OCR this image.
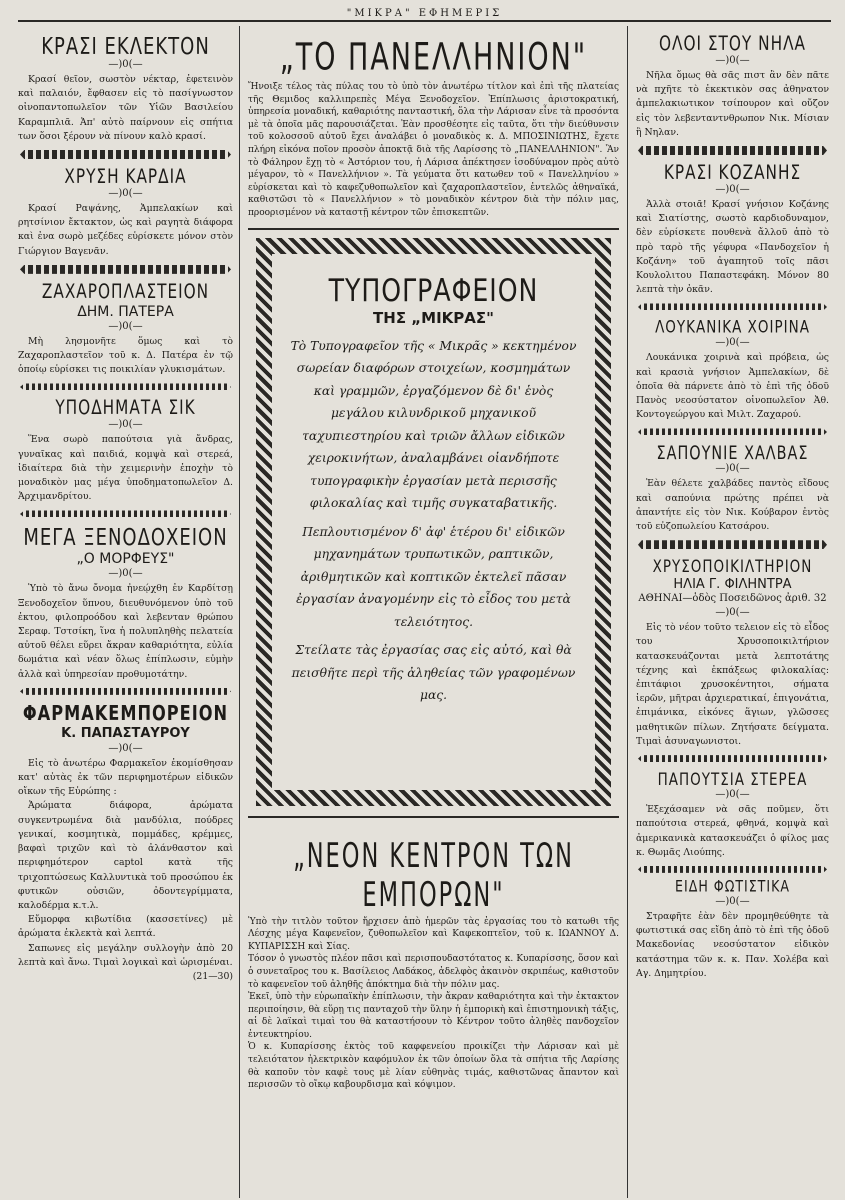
"ΜΙΚΡΑ" ΕΦΗΜΕΡΙΣ
ΚΡΑΣΙ ΕΚΛΕΚΤΟΝ
—)0(—

Κρασί θεῖον, σωστὸν νέκταρ, ἐφετεινὸν καὶ παλαιόν, ἔφθασεν εἰς τὸ πασίγνωστον οἰνοπαντοπωλεῖον τῶν Υἱῶν Βασιλείου Καραμπλιᾶ. Ἀπ' αὐτὸ παίρνουν εἰς σπήτια των ὅσοι ξέρουν νὰ πίνουν καλὸ κρασί.

ΧΡΥΣΗ ΚΑΡΔΙΑ
—)0(—

Κρασί Ραψάνης, Ἀμπελακίων καὶ ρητσίνιον ἔκτακτον, ὡς καὶ ραγητὰ διάφορα καὶ ἐνα σωρὸ μεζέδες εὑρίσκετε μόνον στὸν Γιώργιον Βαγενᾶν.

ΖΑΧΑΡΟΠΛΑΣΤΕΙΟΝ
ΔΗΜ. ΠΑΤΕΡΑ
—)0(—

Μὴ λησμονῆτε ὅμως καὶ τὸ Ζαχαροπλαστεῖον τοῦ κ. Δ. Πατέρα ἐν τῷ ὁποίῳ εὑρίσκει τις ποικιλίαν γλυκισμάτων.

ΥΠΟΔΗΜΑΤΑ ΣΙΚ
—)0(—

Ἕνα σωρὸ παπούτσια γιὰ ἄνδρας, γυναῖκας καὶ παιδιά, κομψὰ καὶ στερεά, ἰδιαίτερα διὰ τὴν χειμερινὴν ἐποχὴν τὸ μοναδικὸν μας μέγα ὑποδηματοπωλεῖον Δ. Ἀρχιμανδρίτου.

ΜΕΓΑ ΞΕΝΟΔΟΧΕΙΟΝ
„Ο ΜΟΡΦΕΥΣ"
—)0(—

Ὑπὸ τὸ ἄνω ὄνομα ἠνεῴχθη ἐν Καρδίτσῃ Ξενοδοχεῖον ὕπνου, διευθυνόμενον ὑπὸ τοῦ ἐκτου, φιλοπροόδου καὶ λεβενταν θρώπου Σεραφ. Τστσίκη, ἵνα ἡ πολυπληθὴς πελατεία αὐτοῦ θέλει εὕρει ἄκραν καθαριότητα, εὐλία δωμάτια καὶ νέαν ὅλως ἐπίπλωσιν, εὐμὴν ἀλλὰ καὶ ὑπηρεσίαν προθυμοτάτην.

ΦΑΡΜΑΚΕΜΠΟΡΕΙΟΝ
Κ. ΠΑΠΑΣΤΑΥΡΟΥ
—)0(—

Εἰς τὸ ἀνωτέρω Φαρμακεῖον ἐκομίσθησαν κατ' αὐτὰς ἐκ τῶν περιφημοτέρων εἰδικῶν οἴκων τῆς Εὐρώπης :

Ἀρώματα διάφορα, ἀρώματα συγκεντρωμένα διὰ μανδύλια, πούδρες γενικαί, κοσμητικὰ, πομμάδες, κρέμμες, βαφαὶ τριχῶν καὶ τὸ ἀλάνθαστον καὶ περιφημότερον captol κατὰ τῆς τριχοπτώσεως Καλλυντικὰ τοῦ προσώπου ἐκ φυτικῶν οὐσιῶν, ὀδοντεγρίμματα, καλοδέρμα κ.τ.λ.

Εὔμορφα κιβωτίδια (κασσετίνες) μὲ ἀρώματα ἐκλεκτὰ καὶ λεπτά.

Σαπωνες εἰς μεγάλην συλλογὴν ἀπὸ 20 λεπτὰ καὶ ἄνω. Τιμαὶ λογικαὶ καὶ ὡρισμέναι.

(21—30)
„ΤΟ ΠΑΝΕΛΛΗΝΙΟΝ"

Ἤνοιξε τέλος τὰς πύλας του τὸ ὑπὸ τὸν ἀνωτέρω τίτλον καὶ ἐπὶ τῆς πλατείας τῆς Θεμιδος καλλιπρεπὲς Μέγα Ξενοδοχεῖον. Ἐπίπλωσις ἀριστοκρατική, ὑπηρεσία μοναδική, καθαριότης πανταστική, ὅλα τὴν Λάρισαν εἶνε τὰ προσόντα μὲ τὰ ὁποῖα μᾶς παρουσιάζεται. Ἐὰν προσθέσητε εἰς ταῦτα, ὅτι τὴν διεύθυνσιν τοῦ κολοσσοῦ αὐτοῦ ἔχει ἀναλάβει ὁ μοναδικὸς κ. Δ. ΜΠΟΣΙΝΙΩΤΗΣ, ἔχετε πλήρη εἰκόνα ποῖον προσὸν ἀποκτᾷ διὰ τῆς Λαρίσσης τὸ „ΠΑΝΕΛΛΗΝΙΟΝ". Ἂν τὸ Φάληρον ἔχῃ τὸ « Ἀστόριον του, ἡ Λάρισα ἀπέκτησεν ἰσοδύναμον πρὸς αὐτὸ μέγαρον, τὸ « Πανελλήνιον ». Τὰ γεύματα ὅτι κατωθεν τοῦ « Πανελληνίου » εὑρίσκεται καὶ τὸ καφεζυθοπωλεῖον καὶ ζαχαροπλαστεῖον, ἐντελῶς ἀθηναϊκά, καθιστῶσι τὸ « Πανελλήνιον » τὸ μοναδικὸν κέντρον διὰ τὴν πόλιν μας, προορισμένον νὰ καταστῇ κέντρον τῶν ἐπισκεπτῶν.

ΤΥΠΟΓΡΑΦΕΙΟΝ
ΤΗΣ „ΜΙΚΡΑΣ"

Τὸ Τυπογραφεῖον τῆς « Μικρᾶς » κεκτημένον σωρείαν διαφόρων στοιχείων, κοσμημάτων καὶ γραμμῶν, ἐργαζόμενον δὲ δι' ἑνὸς μεγάλου κιλυνδρικοῦ μηχανικοῦ ταχυπιεστηρίου καὶ τριῶν ἄλλων εἰδικῶν χειροκινήτων, ἀναλαμβάνει οἱανδήποτε τυπογραφικὴν ἐργασίαν μετὰ περισσῆς φιλοκαλίας καὶ τιμῆς συγκαταβατικῆς.

Πεπλουτισμένον δ' ἀφ' ἑτέρου δι' εἰδικῶν μηχανημάτων τρυπωτικῶν, ραπτικῶν, ἀριθμητικῶν καὶ κοπτικῶν ἐκτελεῖ πᾶσαν ἐργασίαν ἀναγομένην εἰς τὸ εἶδος του μετὰ τελειότητος.

Στείλατε τὰς ἐργασίας σας εἰς αὐτό, καὶ θὰ πεισθῆτε περὶ τῆς ἀληθείας τῶν γραφομένων μας.

„ΝΕΟΝ ΚΕΝΤΡΟΝ ΤΩΝ ΕΜΠΟΡΩΝ"

Ὑπὸ τὴν τιτλὸν τοῦτον ἤρχισεν ἀπὸ ἡμερῶν τὰς ἐργασίας του τὸ κατωθι τῆς Λέσχης μέγα Καφενεῖον, ζυθοπωλεῖον καὶ Καφεκοπτεῖον, τοῦ κ. ΙΩΑΝΝΟΥ Δ. ΚΥΠΑΡΙΣΣΗ καὶ Σίας.

Τόσον ὁ γνωστὸς πλέον πᾶσι καὶ περισπουδαστότατος κ. Κυπαρίσσης, ὅσον καὶ ὁ συνεταῖρος του κ. Βασίλειος Λαδάκος, ἀδελφὸς ἀκαινὸν σκριπέως, καθιστοῦν τὸ καφενεῖον τοῦ ἀληθῆς ἀπόκτημα διὰ τὴν πόλιν μας.

Ἐκεῖ, ὑπὸ τὴν εὐρωπαϊκὴν ἐπίπλωσιν, τὴν ἄκραν καθαριότητα καὶ τὴν ἐκτακτον περιποίησιν, θὰ εὕρῃ τις πανταχοῦ τὴν ὕλην ἡ ἐμπορικὴ καὶ ἐπιστημονικὴ τάξις, αἱ δὲ λαϊκαὶ τιμαὶ του θὰ καταστήσουν τὸ Κέντρον τοῦτο ἀληθὲς πανδοχεῖον ἐντευκτηρίου.

Ὁ κ. Κυπαρίσσης ἐκτὸς τοῦ καφφενείου προικίζει τὴν Λάρισαν καὶ μὲ τελειότατον ἠλεκτρικὸν καφόμυλον ἐκ τῶν ὁποίων ὅλα τὰ σπήτια τῆς Λαρίσης θὰ καποῦν τὸν καφὲ τους μὲ λίαν εὐθηνὰς τιμάς, καθιστῶνας ἄπαντον καὶ περισσῶν τὸ οἴκῳ καβουρδισμα καὶ κόψιμον.

ΟΛΟΙ ΣΤΟΥ ΝΗΛΑ
—)0(—

Νῆλα ὅμως θὰ σᾶς πιστ ἂν δὲν πᾶτε νὰ πχῆτε τὸ ἐκεκτικὸν σας ἀθηνατον ἀμπελακιωτικον τσίπουρον καὶ οὔζον εἰς τὸν λεβενταντνθρωπον Νικ. Μίσιαν ἢ Νηλαν.

ΚΡΑΣΙ ΚΟΖΑΝΗΣ
—)0(—

Ἀλλὰ στοιᾶ! Κρασί γνήσιον Κοζάνης καὶ Σιατίστης, σωστὸ καρδιοδυναμον, δὲν εὑρίσκετε πουθενὰ ἄλλοῦ ἀπὸ τὸ πρὸ ταρὸ τῆς γέφυρα «Πανδοχεῖον ἡ Κοζάνη» τοῦ ἀγαπητοῦ τοῖς πᾶσι Κουλολιτου Παπαστεφάκη. Μόνον 80 λεπτὰ τὴν ὀκᾶν.

ΛΟΥΚΑΝΙΚΑ ΧΟΙΡΙΝΑ
—)0(—

Λουκάνικα χοιρινὰ καὶ πρόβεια, ὡς καὶ κρασιὰ γνήσιον Ἀμπελακίων, δὲ ὁποῖα θὰ πάρνετε ἀπὸ τὸ ἐπὶ τῆς ὁδοῦ Πανὸς νεοσύστατον οἰνοπωλεῖον Ἀθ. Κοντογεώργου καὶ Μιλτ. Ζαχαρού.

ΣΑΠΟΥΝΙΕ ΧΑΛΒΑΣ
—)0(—

Ἐὰν θέλετε χαλβάδες παντὸς εἴδους καὶ σαπούνια πρώτης πρέπει νὰ ἀπαντήτε εἰς τὸν Νικ. Κούβαρον ἐντὸς τοῦ εὐζοπωλείου Κατσάρου.

ΧΡΥΣΟΠΟΙΚΙΛΤΗΡΙΟΝ
ΗΛΙΑ Γ. ΦΙΛΗΝΤΡΑ
ΑΘΗΝΑΙ—ὁδὸς Ποσειδῶνος ἀριθ. 32
—)0(—

Εἰς τὸ νέον τοῦτο τελειον εἰς τὸ εἶδος του Χρυσοποικιλτήριον κατασκευάζονται μετὰ λεπτοτάτης τέχνης καὶ ἐκπάξεως φιλοκαλίας: ἐπιτάφιοι χρυσοκέντητοι, σήματα ἱερῶν, μῆτραι ἀρχιερατικαί, ἐπιγονάτια, ἐπιμάνικα, εἰκόνες ἅγιων, γλῶσσες μαθητικῶν πίλων. Ζητήσατε δείγματα. Τιμαὶ ἀσυναγωνιστοι.

ΠΑΠΟΥΤΣΙΑ ΣΤΕΡΕΑ
—)0(—

Ἐξεχάσαμεν νὰ σᾶς ποῦμεν, ὅτι παπούτσια στερεά, φθηνά, κομψὰ καὶ ἀμερικανικὰ κατασκευάζει ὁ φίλος μας κ. Θωμᾶς Λιούπης.

ΕΙΔΗ ΦΩΤΙΣΤΙΚΑ
—)0(—

Στραφῆτε ἐὰν δὲν προμηθεύθητε τὰ φωτιστικά σας εἴδη ἀπὸ τὸ ἐπὶ τῆς ὁδοῦ Μακεδονίας νεοσύστατον εἰδικὸν κατάστημα τῶν κ. κ. Παν. Χολέβα καὶ Αγ. Δημητρίου.
